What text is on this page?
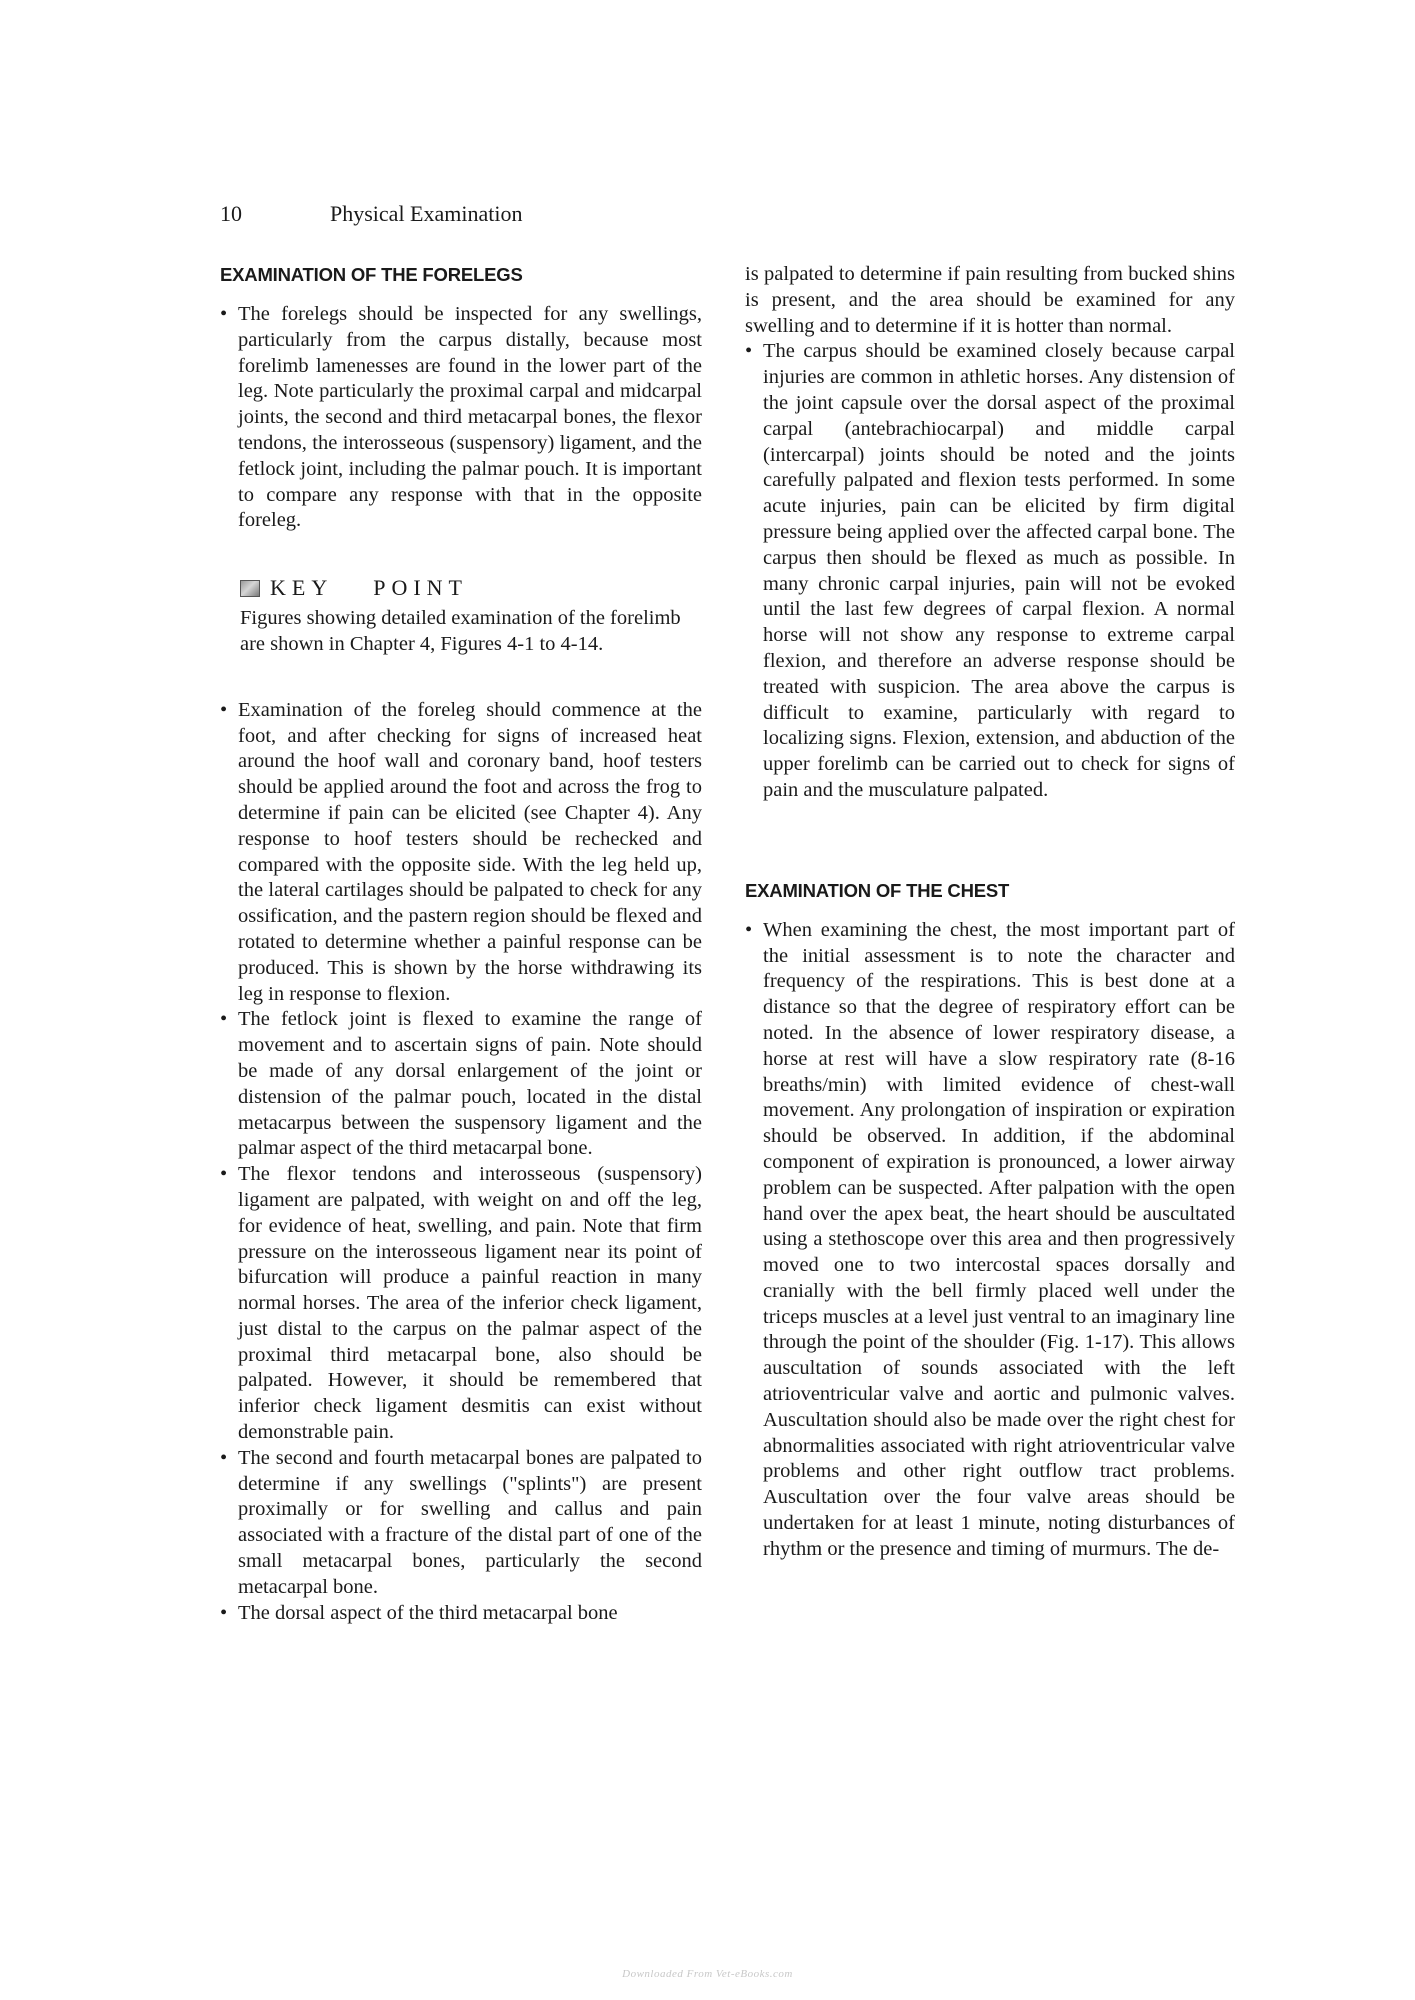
10	Physical Examination
EXAMINATION OF THE FORELEGS
• The forelegs should be inspected for any swellings, particularly from the carpus distally, because most forelimb lamenesses are found in the lower part of the leg. Note particularly the proximal carpal and midcarpal joints, the second and third metacarpal bones, the flexor tendons, the interosseous (suspensory) ligament, and the fetlock joint, including the palmar pouch. It is important to compare any response with that in the opposite foreleg.
KEY POINT

Figures showing detailed examination of the forelimb are shown in Chapter 4, Figures 4-1 to 4-14.

• Examination of the foreleg should commence at the foot, and after checking for signs of increased heat around the hoof wall and coronary band, hoof testers should be applied around the foot and across the frog to determine if pain can be elicited (see Chapter 4). Any response to hoof testers should be rechecked and compared with the opposite side. With the leg held up, the lateral cartilages should be palpated to check for any ossification, and the pastern region should be flexed and rotated to determine whether a painful response can be produced. This is shown by the horse withdrawing its leg in response to flexion.
• The fetlock joint is flexed to examine the range of movement and to ascertain signs of pain. Note should be made of any dorsal enlargement of the joint or distension of the palmar pouch, located in the distal metacarpus between the suspensory ligament and the palmar aspect of the third metacarpal bone.
• The flexor tendons and interosseous (suspensory) ligament are palpated, with weight on and off the leg, for evidence of heat, swelling, and pain. Note that firm pressure on the interosseous ligament near its point of bifurcation will produce a painful reaction in many normal horses. The area of the inferior check ligament, just distal to the carpus on the palmar aspect of the proximal third metacarpal bone, also should be palpated. However, it should be remembered that inferior check ligament desmitis can exist without demonstrable pain.
• The second and fourth metacarpal bones are palpated to determine if any swellings ("splints") are present proximally or for swelling and callus and pain associated with a fracture of the distal part of one of the small metacarpal bones, particularly the second metacarpal bone.
• The dorsal aspect of the third metacarpal bone

is palpated to determine if pain resulting from bucked shins is present, and the area should be examined for any swelling and to determine if it is hotter than normal.

• The carpus should be examined closely because carpal injuries are common in athletic horses. Any distension of the joint capsule over the dorsal aspect of the proximal carpal (antebrachiocarpal) and middle carpal (intercarpal) joints should be noted and the joints carefully palpated and flexion tests performed. In some acute injuries, pain can be elicited by firm digital pressure being applied over the affected carpal bone. The carpus then should be flexed as much as possible. In many chronic carpal injuries, pain will not be evoked until the last few degrees of carpal flexion. A normal horse will not show any response to extreme carpal flexion, and therefore an adverse response should be treated with suspicion. The area above the carpus is difficult to examine, particularly with regard to localizing signs. Flexion, extension, and abduction of the upper forelimb can be carried out to check for signs of pain and the musculature palpated.
EXAMINATION OF THE CHEST
• When examining the chest, the most important part of the initial assessment is to note the character and frequency of the respirations. This is best done at a distance so that the degree of respiratory effort can be noted. In the absence of lower respiratory disease, a horse at rest will have a slow respiratory rate (8-16 breaths/min) with limited evidence of chest-wall movement. Any prolongation of inspiration or expiration should be observed. In addition, if the abdominal component of expiration is pronounced, a lower airway problem can be suspected. After palpation with the open hand over the apex beat, the heart should be auscultated using a stethoscope over this area and then progressively moved one to two intercostal spaces dorsally and cranially with the bell firmly placed well under the triceps muscles at a level just ventral to an imaginary line through the point of the shoulder (Fig. 1-17). This allows auscultation of sounds associated with the left atrioventricular valve and aortic and pulmonic valves. Auscultation should also be made over the right chest for abnormalities associated with right atrioventricular valve problems and other right outflow tract problems. Auscultation over the four valve areas should be undertaken for at least 1 minute, noting disturbances of rhythm or the presence and timing of murmurs. The de-
Downloaded From Vet-eBooks.com
